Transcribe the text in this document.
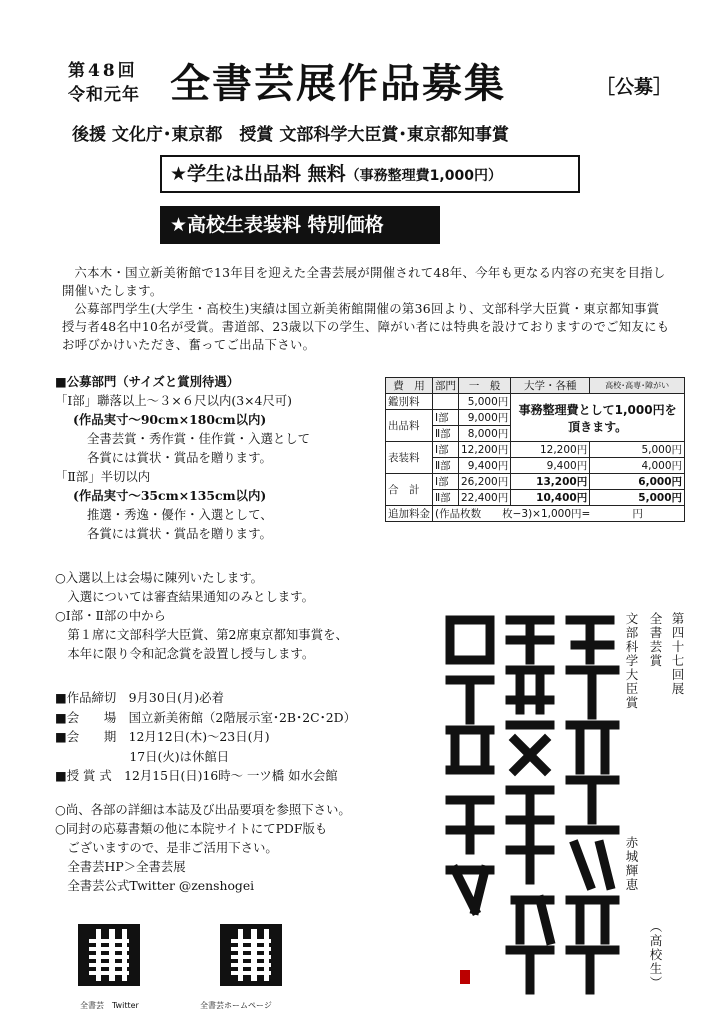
第48回
令和元年 全書芸展作品募集	［公募］
後援 文化庁･東京都　授賞 文部科学大臣賞･東京都知事賞
★学生は出品料 無料（事務整理費1,000円）
★高校生表装料 特別価格

六本木・国立新美術館で13年目を迎えた全書芸展が開催されて48年、今年も更なる内容の充実を目指し開催いたします。

公募部門学生(大学生・高校生)実績は国立新美術館開催の第36回より、文部科学大臣賞・東京都知事賞授与者48名中10名が受賞。書道部、23歳以下の学生、障がい者には特典を設けておりますのでご知友にもお呼びかけいただき、奮ってご出品下さい。

■公募部門（サイズと賞別待遇）
「Ⅰ部」聯落以上～３×６尺以内(3×4尺可)
(作品実寸～90cm×180cm以内)
全書芸賞・秀作賞・佳作賞・入選として
各賞には賞状・賞品を贈ります。
「Ⅱ部」半切以内
(作品実寸～35cm×135cm以内)
推選・秀逸・優作・入選として、
各賞には賞状・賞品を贈ります。
費　用	部門	一　般	大学・各種	高校･高専･障がい
鑑別料		5,000円	事務整理費として1,000円を頂きます。	
出品料	Ⅰ部	9,000円		
	Ⅱ部	8,000円		
表装料	Ⅰ部	12,200円	12,200円	5,000円
	Ⅱ部	9,400円	9,400円	4,000円
合　計	Ⅰ部	26,200円	13,200円	6,000円
	Ⅱ部	22,400円	10,400円	5,000円
追加料金	(作品枚数　　枚−3)×1,000円=　　　　円			
○入選以上は会場に陳列いたします。
　入選については審査結果通知のみとします。
○Ⅰ部・Ⅱ部の中から
　第１席に文部科学大臣賞、第2席東京都知事賞を、
　本年に限り令和記念賞を設置し授与します。
■作品締切　9月30日(月)必着
■会　　場　国立新美術館（2階展示室･2B･2C･2D）
■会　　期　12月12日(木)～23日(月)
　　　　　　17日(火)は休館日
■授 賞 式　12月15日(日)16時～ 一ツ橋 如水会館
○尚、各部の詳細は本誌及び出品要項を参照下さい。
○同封の応募書類の他に本院サイトにてPDF版も
　ございますので、是非ご活用下さい。
　全書芸HP＞全書芸展
　全書芸公式Twitter @zenshogei
全書芸　Twitter	全書芸ホームページ
第四十七回展
全書芸賞
文部科学大臣賞
赤城輝恵
（高校生）
